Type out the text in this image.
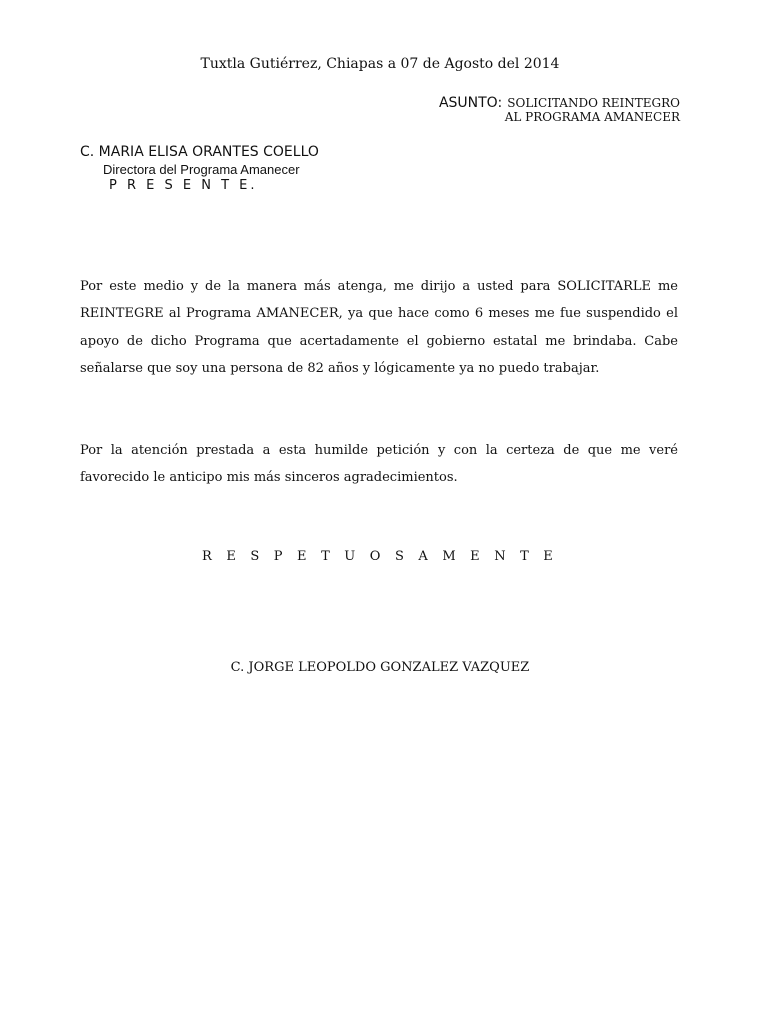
Tuxtla Gutiérrez, Chiapas a 07 de Agosto del 2014
ASUNTO: SOLICITANDO REINTEGRO
AL PROGRAMA AMANECER
C. MARIA ELISA ORANTES COELLO
Directora del Programa Amanecer
P R E S E N T E.
Por este medio y de la manera más atenga, me dirijo a usted para SOLICITARLE me REINTEGRE al Programa AMANECER, ya que hace como 6 meses me fue suspendido el apoyo de dicho Programa que acertadamente el gobierno estatal me brindaba. Cabe señalarse que soy una persona de 82 años y lógicamente ya no puedo trabajar.
Por la atención prestada a esta humilde petición y con la certeza de que me veré favorecido le anticipo mis más sinceros agradecimientos.
R E S P E T U O S A M E N T E
C. JORGE LEOPOLDO GONZALEZ VAZQUEZ
